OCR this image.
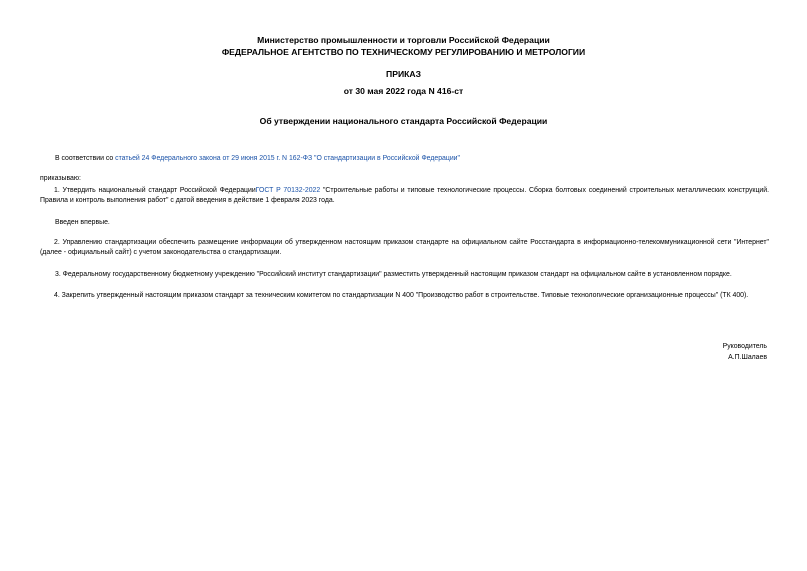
Министерство промышленности и торговли Российской Федерации
ФЕДЕРАЛЬНОЕ АГЕНТСТВО ПО ТЕХНИЧЕСКОМУ РЕГУЛИРОВАНИЮ И МЕТРОЛОГИИ
ПРИКАЗ
от 30 мая 2022 года N 416-ст
Об утверждении национального стандарта Российской Федерации
В соответствии со статьей 24 Федерального закона от 29 июня 2015 г. N 162-ФЗ "О стандартизации в Российской Федерации"
приказываю:
1. Утвердить национальный стандарт Российской ФедерацииГОСТ Р 70132-2022 "Строительные работы и типовые технологические процессы. Сборка болтовых соединений строительных металлических конструкций. Правила и контроль выполнения работ" с датой введения в действие 1 февраля 2023 года.
Введен впервые.
2. Управлению стандартизации обеспечить размещение информации об утвержденном настоящим приказом стандарте на официальном сайте Росстандарта в информационно-телекоммуникационной сети "Интернет" (далее - официальный сайт) с учетом законодательства о стандартизации.
3. Федеральному государственному бюджетному учреждению "Российский институт стандартизации" разместить утвержденный настоящим приказом стандарт на официальном сайте в установленном порядке.
4. Закрепить утвержденный настоящим приказом стандарт за техническим комитетом по стандартизации N 400 "Производство работ в строительстве. Типовые технологические организационные процессы" (ТК 400).
Руководитель
А.П.Шалаев
